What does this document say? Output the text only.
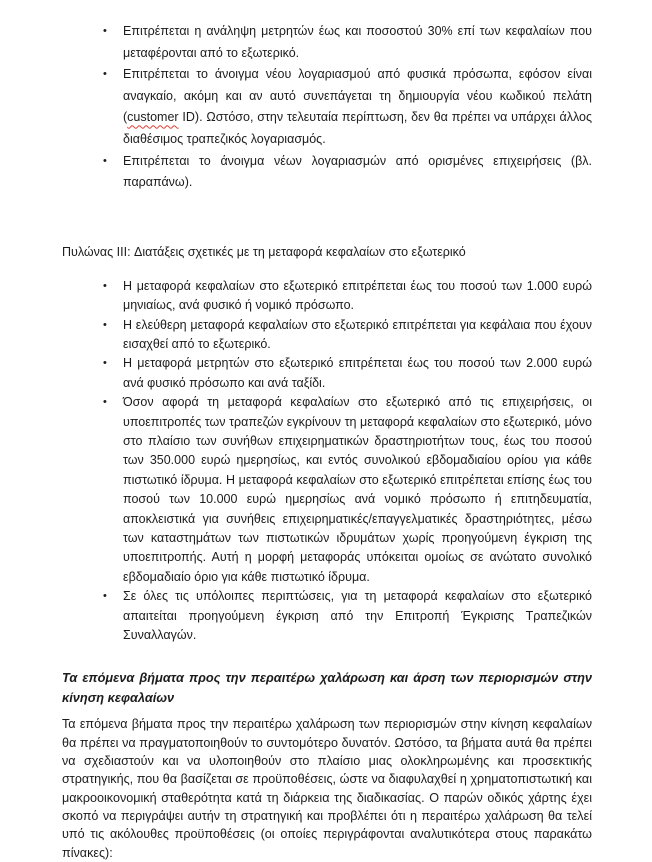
• Επιτρέπεται η ανάληψη μετρητών έως και ποσοστού 30% επί των κεφαλαίων που μεταφέρονται από το εξωτερικό.
• Επιτρέπεται το άνοιγμα νέου λογαριασμού από φυσικά πρόσωπα, εφόσον είναι αναγκαίο, ακόμη και αν αυτό συνεπάγεται τη δημιουργία νέου κωδικού πελάτη (customer ID). Ωστόσο, στην τελευταία περίπτωση, δεν θα πρέπει να υπάρχει άλλος διαθέσιμος τραπεζικός λογαριασμός.
• Επιτρέπεται το άνοιγμα νέων λογαριασμών από ορισμένες επιχειρήσεις (βλ. παραπάνω).

Πυλώνας III: Διατάξεις σχετικές με τη μεταφορά κεφαλαίων στο εξωτερικό

• Η μεταφορά κεφαλαίων στο εξωτερικό επιτρέπεται έως του ποσού των 1.000 ευρώ μηνιαίως, ανά φυσικό ή νομικό πρόσωπο.
• Η ελεύθερη μεταφορά κεφαλαίων στο εξωτερικό επιτρέπεται για κεφάλαια που έχουν εισαχθεί από το εξωτερικό.
• Η μεταφορά μετρητών στο εξωτερικό επιτρέπεται έως του ποσού των 2.000 ευρώ ανά φυσικό πρόσωπο και ανά ταξίδι.
• Όσον αφορά τη μεταφορά κεφαλαίων στο εξωτερικό από τις επιχειρήσεις, οι υποεπιτροπές των τραπεζών εγκρίνουν τη μεταφορά κεφαλαίων στο εξωτερικό, μόνο στο πλαίσιο των συνήθων επιχειρηματικών δραστηριοτήτων τους, έως του ποσού των 350.000 ευρώ ημερησίως, και εντός συνολικού εβδομαδιαίου ορίου για κάθε πιστωτικό ίδρυμα. Η μεταφορά κεφαλαίων στο εξωτερικό επιτρέπεται επίσης έως του ποσού των 10.000 ευρώ ημερησίως ανά νομικό πρόσωπο ή επιτηδευματία, αποκλειστικά για συνήθεις επιχειρηματικές/επαγγελματικές δραστηριότητες, μέσω των καταστημάτων των πιστωτικών ιδρυμάτων χωρίς προηγούμενη έγκριση της υποεπιτροπής. Αυτή η μορφή μεταφοράς υπόκειται ομοίως σε ανώτατο συνολικό εβδομαδιαίο όριο για κάθε πιστωτικό ίδρυμα.
• Σε όλες τις υπόλοιπες περιπτώσεις, για τη μεταφορά κεφαλαίων στο εξωτερικό απαιτείται προηγούμενη έγκριση από την Επιτροπή Έγκρισης Τραπεζικών Συναλλαγών.

Τα επόμενα βήματα προς την περαιτέρω χαλάρωση και άρση των περιορισμών στην κίνηση κεφαλαίων

Τα επόμενα βήματα προς την περαιτέρω χαλάρωση των περιορισμών στην κίνηση κεφαλαίων θα πρέπει να πραγματοποιηθούν το συντομότερο δυνατόν. Ωστόσο, τα βήματα αυτά θα πρέπει να σχεδιαστούν και να υλοποιηθούν στο πλαίσιο μιας ολοκληρωμένης και προσεκτικής στρατηγικής, που θα βασίζεται σε προϋποθέσεις, ώστε να διαφυλαχθεί η χρηματοπιστωτική και μακροοικονομική σταθερότητα κατά τη διάρκεια της διαδικασίας. Ο παρών οδικός χάρτης έχει σκοπό να περιγράψει αυτήν τη στρατηγική και προβλέπει ότι η περαιτέρω χαλάρωση θα τελεί υπό τις ακόλουθες προϋποθέσεις (οι οποίες περιγράφονται αναλυτικότερα στους παρακάτω πίνακες):
